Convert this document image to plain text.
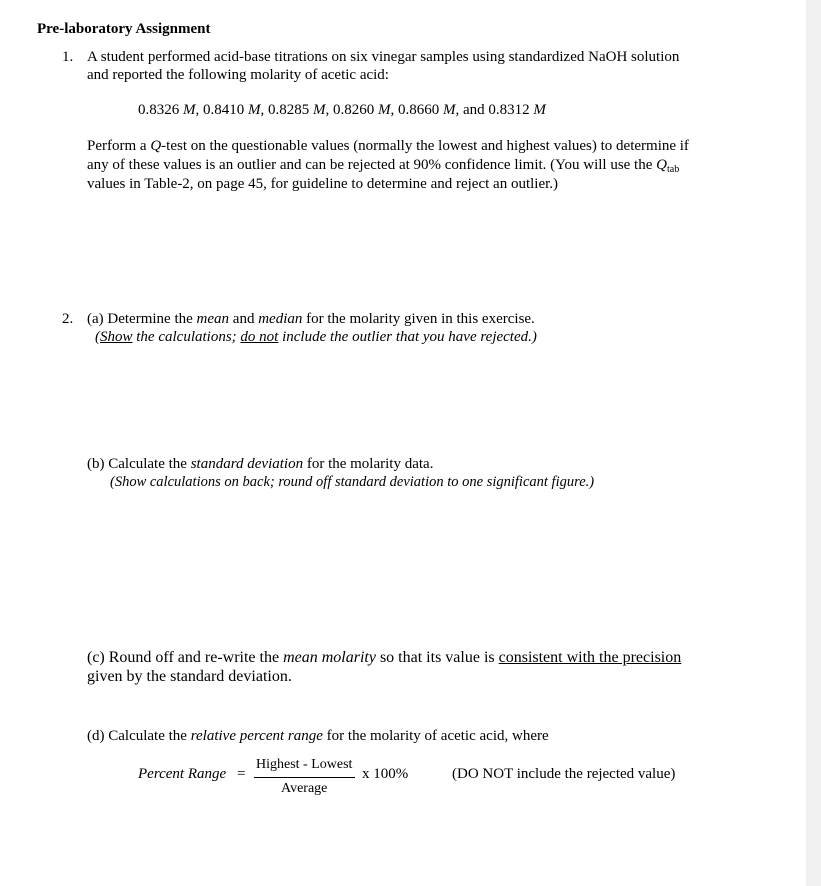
Pre-laboratory Assignment
1. A student performed acid-base titrations on six vinegar samples using standardized NaOH solution
and reported the following molarity of acetic acid:
0.8326 M, 0.8410 M, 0.8285 M, 0.8260 M, 0.8660 M, and 0.8312 M
Perform a Q-test on the questionable values (normally the lowest and highest values) to determine if
any of these values is an outlier and can be rejected at 90% confidence limit. (You will use the $Q_{tab}$
values in Table-2, on page 45, for guideline to determine and reject an outlier.)
2. (a) Determine the mean and median for the molarity given in this exercise.
(Show the calculations; do not include the outlier that you have rejected.)
(b) Calculate the standard deviation for the molarity data.
(Show calculations on back; round off standard deviation to one significant figure.)
(c) Round off and re-write the mean molarity so that its value is consistent with the precision
given by the standard deviation.
(d) Calculate the relative percent range for the molarity of acetic acid, where
Percent Range =
Highest - Lowest
Average
x 100%	(DO NOT include the rejected value)
